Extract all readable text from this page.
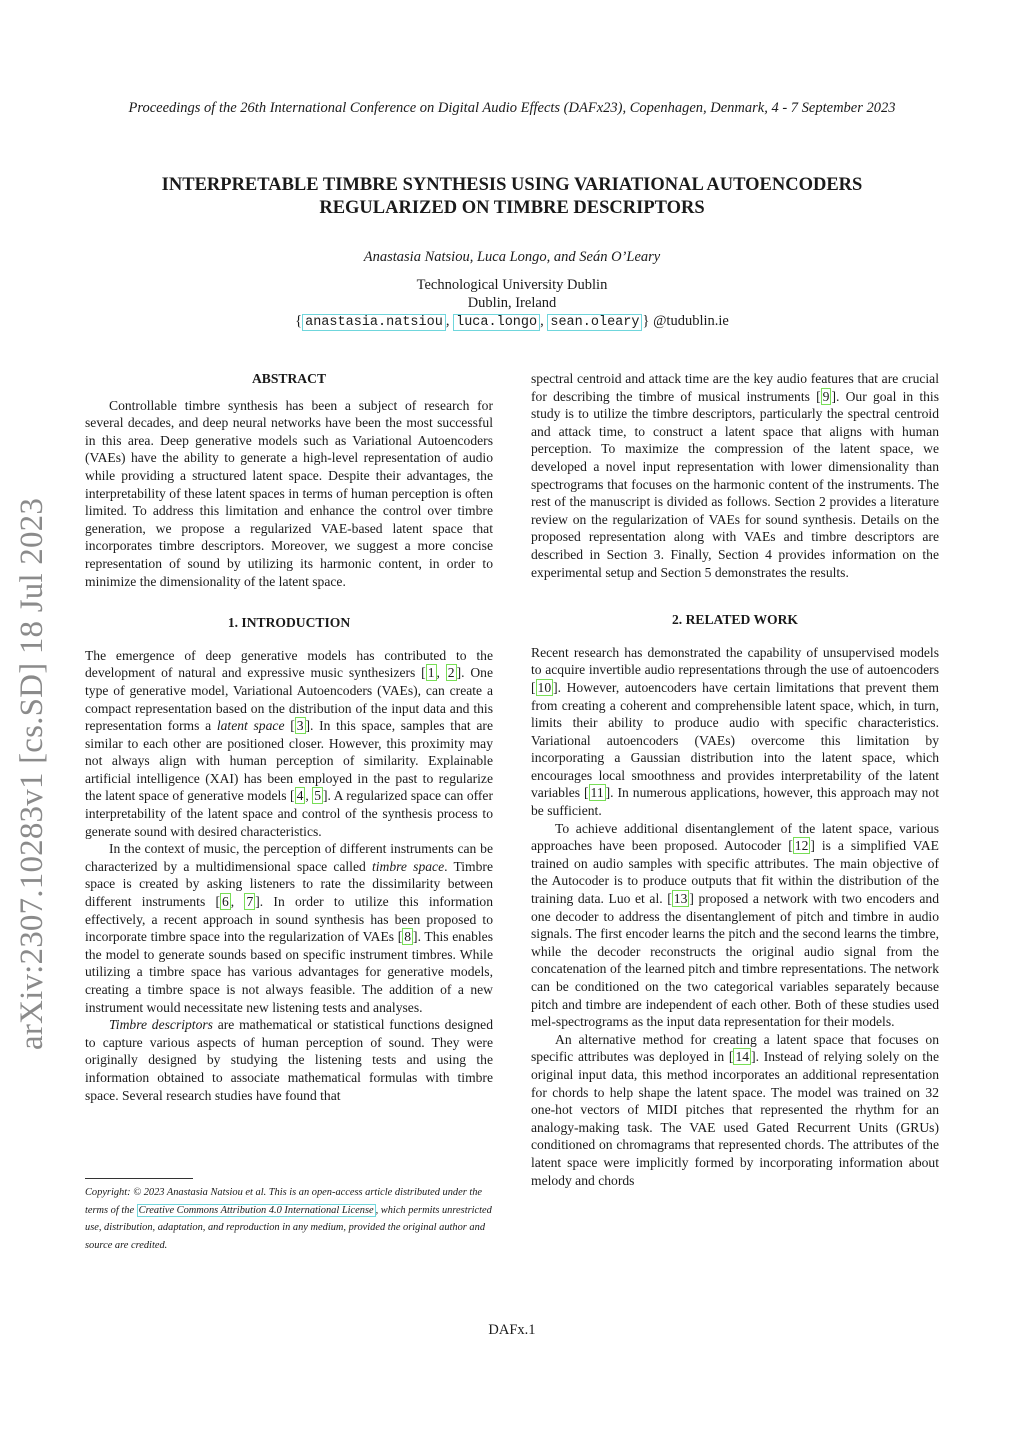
Proceedings of the 26th International Conference on Digital Audio Effects (DAFx23), Copenhagen, Denmark, 4 - 7 September 2023
INTERPRETABLE TIMBRE SYNTHESIS USING VARIATIONAL AUTOENCODERS
REGULARIZED ON TIMBRE DESCRIPTORS
Anastasia Natsiou, Luca Longo, and Seán O’Leary
Technological University Dublin
Dublin, Ireland
{ anastasia.natsiou , luca.longo , sean.oleary } @tudublin.ie
arXiv:2307.10283v1 [cs.SD] 18 Jul 2023

ABSTRACT

Controllable timbre synthesis has been a subject of research for several decades, and deep neural networks have been the most successful in this area. Deep generative models such as Variational Autoencoders (VAEs) have the ability to generate a high-level representation of audio while providing a structured latent space. Despite their advantages, the interpretability of these latent spaces in terms of human perception is often limited. To address this limitation and enhance the control over timbre generation, we propose a regularized VAE-based latent space that incorporates timbre descriptors. Moreover, we suggest a more concise representation of sound by utilizing its harmonic content, in order to minimize the dimensionality of the latent space.

1. INTRODUCTION

The emergence of deep generative models has contributed to the development of natural and expressive music synthesizers [ 1 , 2 ]. One type of generative model, Variational Autoencoders (VAEs), can create a compact representation based on the distribution of the input data and this representation forms a latent space [ 3 ]. In this space, samples that are similar to each other are positioned closer. However, this proximity may not always align with human perception of similarity. Explainable artificial intelligence (XAI) has been employed in the past to regularize the latent space of generative models [ 4 , 5 ]. A regularized space can offer interpretability of the latent space and control of the synthesis process to generate sound with desired characteristics.

In the context of music, the perception of different instruments can be characterized by a multidimensional space called timbre space. Timbre space is created by asking listeners to rate the dissimilarity between different instruments [ 6 , 7 ]. In order to utilize this information effectively, a recent approach in sound synthesis has been proposed to incorporate timbre space into the regularization of VAEs [ 8 ]. This enables the model to generate sounds based on specific instrument timbres. While utilizing a timbre space has various advantages for generative models, creating a timbre space is not always feasible. The addition of a new instrument would necessitate new listening tests and analyses.

Timbre descriptors are mathematical or statistical functions designed to capture various aspects of human perception of sound. They were originally designed by studying the listening tests and using the information obtained to associate mathematical formulas with timbre space. Several research studies have found that

Copyright: © 2023 Anastasia Natsiou et al. This is an open-access article distributed under the terms of the Creative Commons Attribution 4.0 International License , which permits unrestricted use, distribution, adaptation, and reproduction in any medium, provided the original author and source are credited.

spectral centroid and attack time are the key audio features that are crucial for describing the timbre of musical instruments [ 9 ]. Our goal in this study is to utilize the timbre descriptors, particularly the spectral centroid and attack time, to construct a latent space that aligns with human perception. To maximize the compression of the latent space, we developed a novel input representation with lower dimensionality than spectrograms that focuses on the harmonic content of the instruments. The rest of the manuscript is divided as follows. Section 2 provides a literature review on the regularization of VAEs for sound synthesis. Details on the proposed representation along with VAEs and timbre descriptors are described in Section 3. Finally, Section 4 provides information on the experimental setup and Section 5 demonstrates the results.

2. RELATED WORK

Recent research has demonstrated the capability of unsupervised models to acquire invertible audio representations through the use of autoencoders [ 10 ]. However, autoencoders have certain limitations that prevent them from creating a coherent and comprehensible latent space, which, in turn, limits their ability to produce audio with specific characteristics. Variational autoencoders (VAEs) overcome this limitation by incorporating a Gaussian distribution into the latent space, which encourages local smoothness and provides interpretability of the latent variables [ 11 ]. In numerous applications, however, this approach may not be sufficient.

To achieve additional disentanglement of the latent space, various approaches have been proposed. Autocoder [ 12 ] is a simplified VAE trained on audio samples with specific attributes. The main objective of the Autocoder is to produce outputs that fit within the distribution of the training data. Luo et al. [ 13 ] proposed a network with two encoders and one decoder to address the disentanglement of pitch and timbre in audio signals. The first encoder learns the pitch and the second learns the timbre, while the decoder reconstructs the original audio signal from the concatenation of the learned pitch and timbre representations. The network can be conditioned on the two categorical variables separately because pitch and timbre are independent of each other. Both of these studies used mel-spectrograms as the input data representation for their models.

An alternative method for creating a latent space that focuses on specific attributes was deployed in [ 14 ]. Instead of relying solely on the original input data, this method incorporates an additional representation for chords to help shape the latent space. The model was trained on 32 one-hot vectors of MIDI pitches that represented the rhythm for an analogy-making task. The VAE used Gated Recurrent Units (GRUs) conditioned on chromagrams that represented chords. The attributes of the latent space were implicitly formed by incorporating information about melody and chords

DAFx.1
